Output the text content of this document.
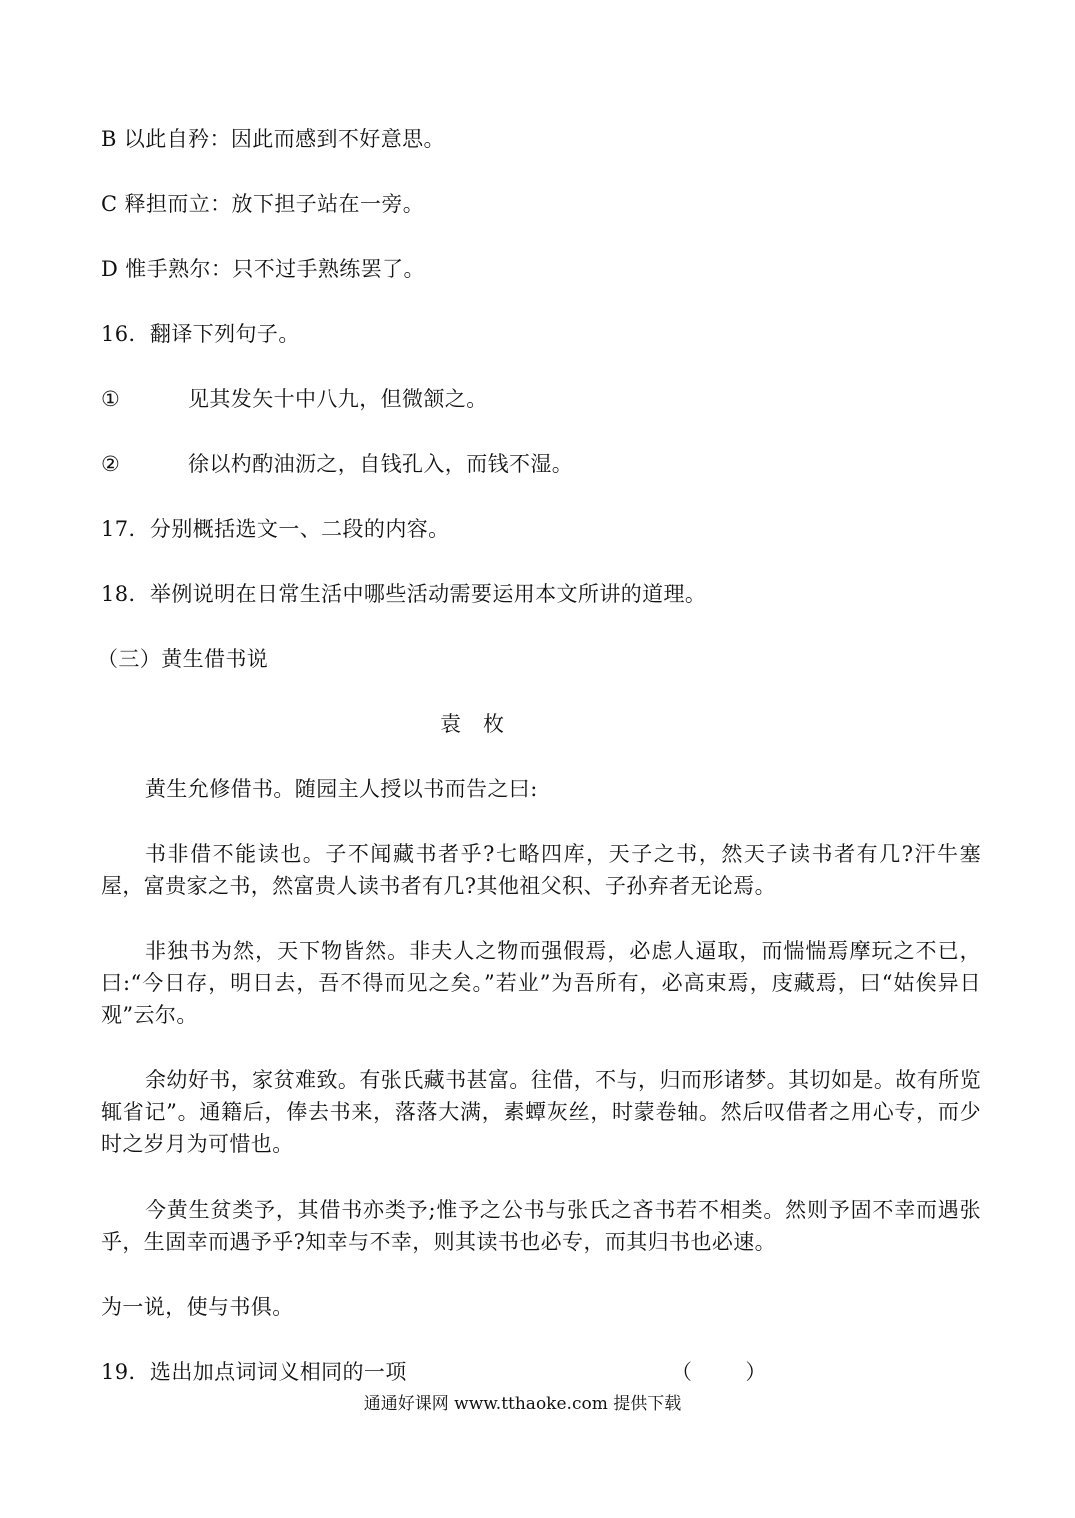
B 以此自矜：因此而感到不好意思。
C 释担而立：放下担子站在一旁。
D 惟手熟尔：只不过手熟练罢了。
16．翻译下列句子。
①	见其发矢十中八九，但微颔之。
②	徐以杓酌油沥之，自钱孔入，而钱不湿。
17．分别概括选文一、二段的内容。
18．举例说明在日常生活中哪些活动需要运用本文所讲的道理。
（三）黄生借书说
袁枚
黄生允修借书。随园主人授以书而告之曰:
书非借不能读也。子不闻藏书者乎?七略四库，天子之书，然天子读书者有几?汗牛塞屋，富贵家之书，然富贵人读书者有几?其他祖父积、子孙弃者无论焉。
非独书为然，天下物皆然。非夫人之物而强假焉，必虑人逼取，而惴惴焉摩玩之不已，曰:“今日存，明日去，吾不得而见之矣。”若业”为吾所有，必高束焉，庋藏焉，曰“姑俟异日观”云尔。
余幼好书，家贫难致。有张氏藏书甚富。往借，不与，归而形诸梦。其切如是。故有所览辄省记”。通籍后，俸去书来，落落大满，素蟫灰丝，时蒙卷轴。然后叹借者之用心专，而少时之岁月为可惜也。
今黄生贫类予，其借书亦类予;惟予之公书与张氏之吝书若不相类。然则予固不幸而遇张乎，生固幸而遇予乎?知幸与不幸，则其读书也必专，而其归书也必速。
为一说，使与书俱。
19．选出加点词词义相同的一项	（        ）
通通好课网 www.tthaoke.com 提供下载
